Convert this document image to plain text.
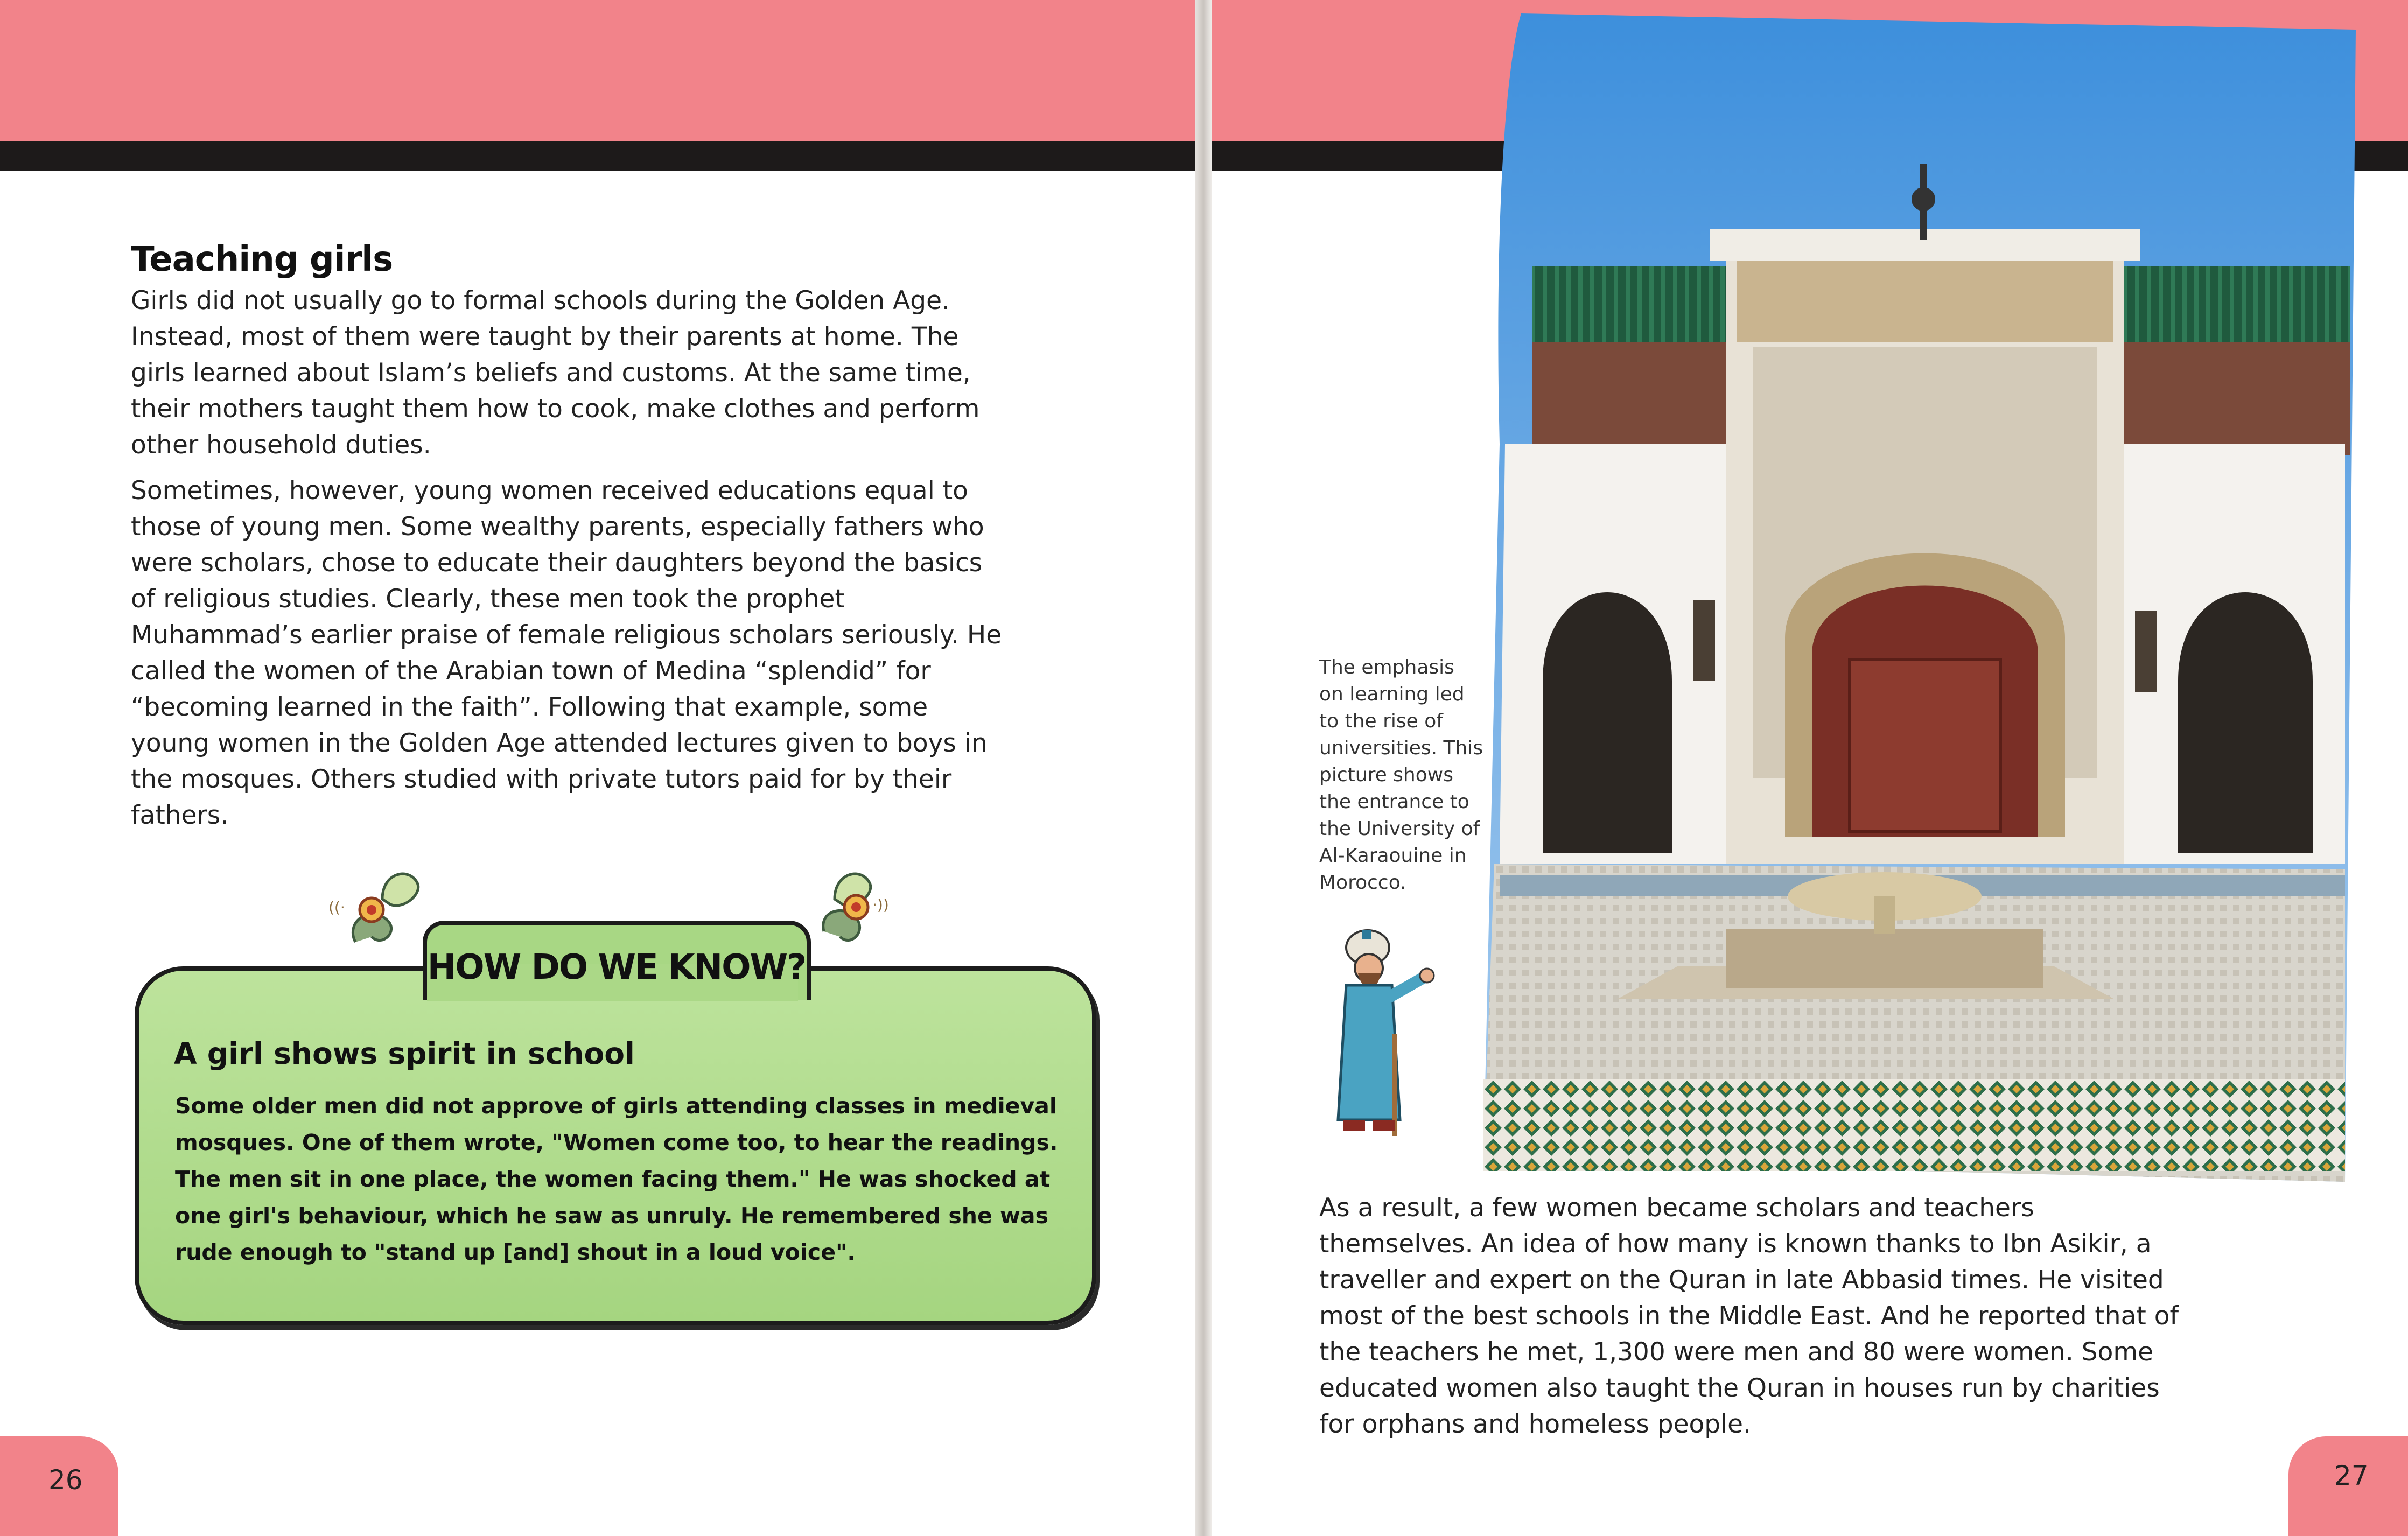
Teaching girls

Girls did not usually go to formal schools during the Golden Age. Instead, most of them were taught by their parents at home. The girls learned about Islam’s beliefs and customs. At the same time, their mothers taught them how to cook, make clothes and perform other household duties.

Sometimes, however, young women received educations equal to those of young men. Some wealthy parents, especially fathers who were scholars, chose to educate their daughters beyond the basics of religious studies. Clearly, these men took the prophet Muhammad’s earlier praise of female religious scholars seriously. He called the women of the Arabian town of Medina “splendid” for “becoming learned in the faith”. Following that example, some young women in the Golden Age attended lectures given to boys in the mosques. Others studied with private tutors paid for by their fathers.

((·	·))
HOW DO WE KNOW?
A girl shows spirit in school
Some older men did not approve of girls attending classes in medieval mosques. One of them wrote, "Women come too, to hear the readings. The men sit in one place, the women facing them." He was shocked at one girl's behaviour, which he saw as unruly. He remembered she was rude enough to "stand up [and] shout in a loud voice".
26
The emphasis on learning led to the rise of universities. This picture shows the entrance to the University of Al-Karaouine in Morocco.

As a result, a few women became scholars and teachers themselves. An idea of how many is known thanks to Ibn Asikir, a traveller and expert on the Quran in late Abbasid times. He visited most of the best schools in the Middle East. And he reported that of the teachers he met, 1,300 were men and 80 were women. Some educated women also taught the Quran in houses run by charities for orphans and homeless people.

27
